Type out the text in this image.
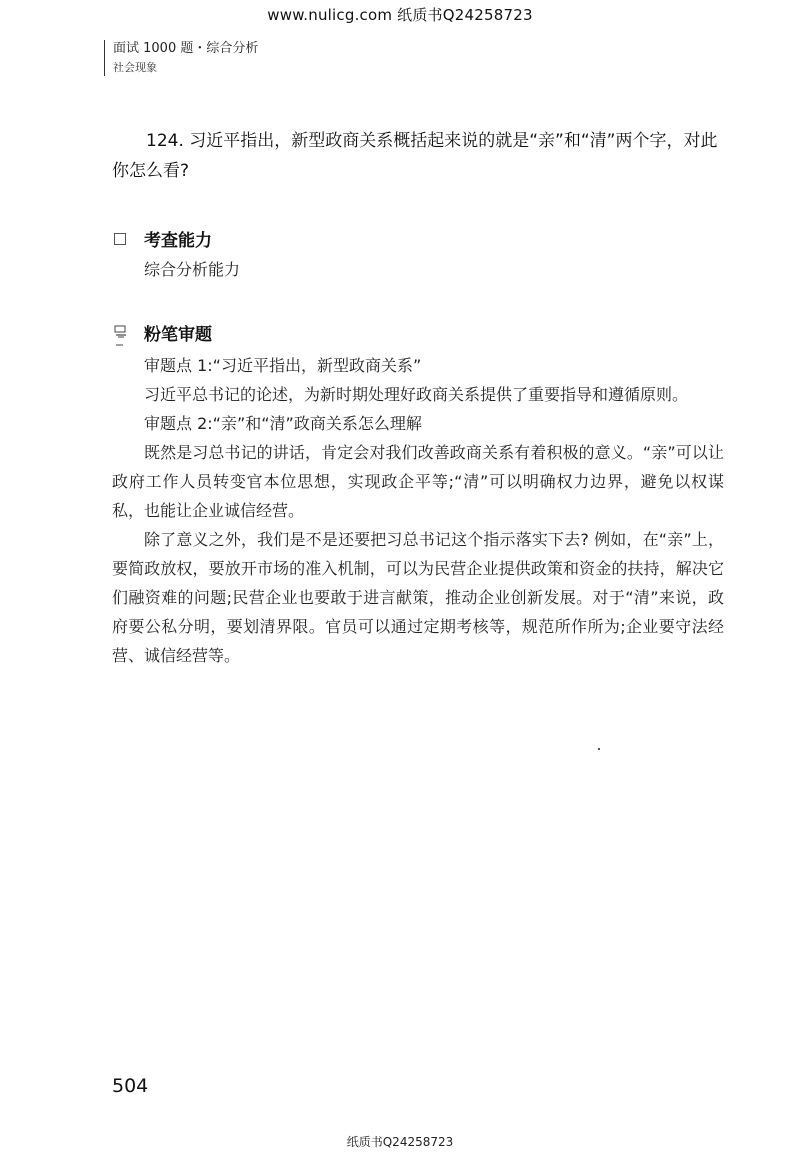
www.nulicg.com 纸质书Q24258723
面试 1000 题・综合分析
社会现象
124. 习近平指出，新型政商关系概括起来说的就是“亲”和“清”两个字，对此你怎么看?
考查能力

综合分析能力

粉笔审题

审题点 1:“习近平指出，新型政商关系”

习近平总书记的论述，为新时期处理好政商关系提供了重要指导和遵循原则。

审题点 2:“亲”和“清”政商关系怎么理解

既然是习总书记的讲话，肯定会对我们改善政商关系有着积极的意义。“亲”可以让政府工作人员转变官本位思想，实现政企平等;“清”可以明确权力边界，避免以权谋私，也能让企业诚信经营。

除了意义之外，我们是不是还要把习总书记这个指示落实下去? 例如，在“亲”上，要简政放权，要放开市场的准入机制，可以为民营企业提供政策和资金的扶持，解决它们融资难的问题;民营企业也要敢于进言献策，推动企业创新发展。对于“清”来说，政府要公私分明，要划清界限。官员可以通过定期考核等，规范所作所为;企业要守法经营、诚信经营等。

504
纸质书Q24258723
